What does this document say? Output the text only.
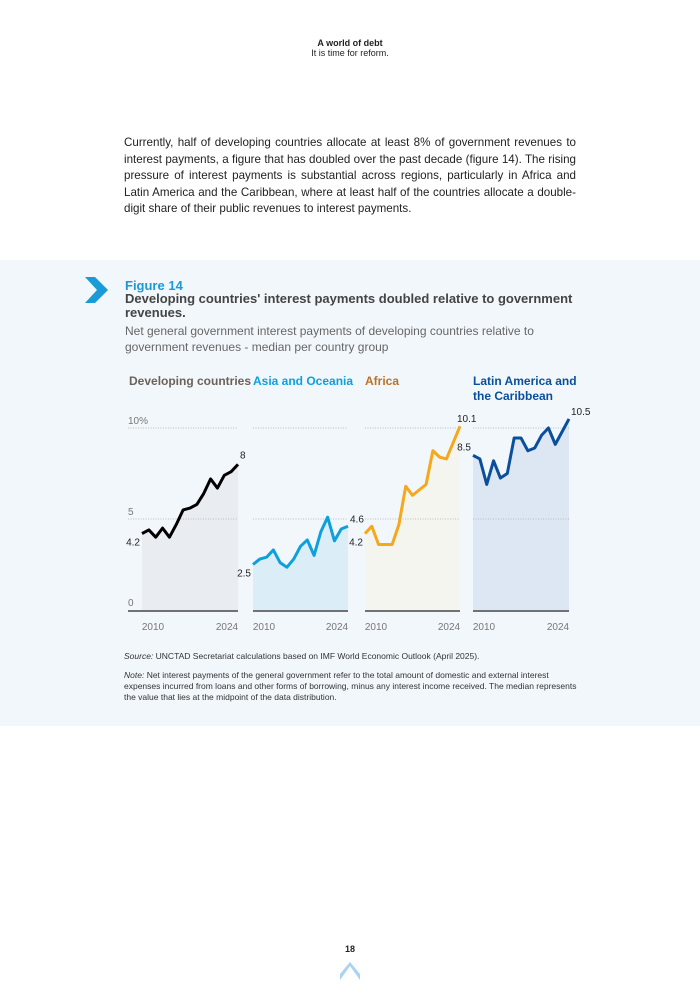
A world of debt
It is time for reform.
Currently, half of developing countries allocate at least 8% of government revenues to interest payments, a figure that has doubled over the past decade (figure 14). The rising pressure of interest payments is substantial across regions, particularly in Africa and Latin America and the Caribbean, where at least half of the countries allocate a double-digit share of their public revenues to interest payments.
Figure 14
Developing countries' interest payments doubled relative to government revenues.
Net general government interest payments of developing countries relative to government revenues - median per country group
0
5
10%
Developing countries
4.2
8
2010	2024
Asia and Oceania
2.5
4.6
2010	2024
Africa
4.2
10.1
2010	2024
Latin America and
the Caribbean
8.5
10.5
2010	2024
Source: UNCTAD Secretariat calculations based on IMF World Economic Outlook (April 2025).
Note: Net interest payments of the general government refer to the total amount of domestic and external interest expenses incurred from loans and other forms of borrowing, minus any interest income received. The median represents the value that lies at the midpoint of the data distribution.
18
